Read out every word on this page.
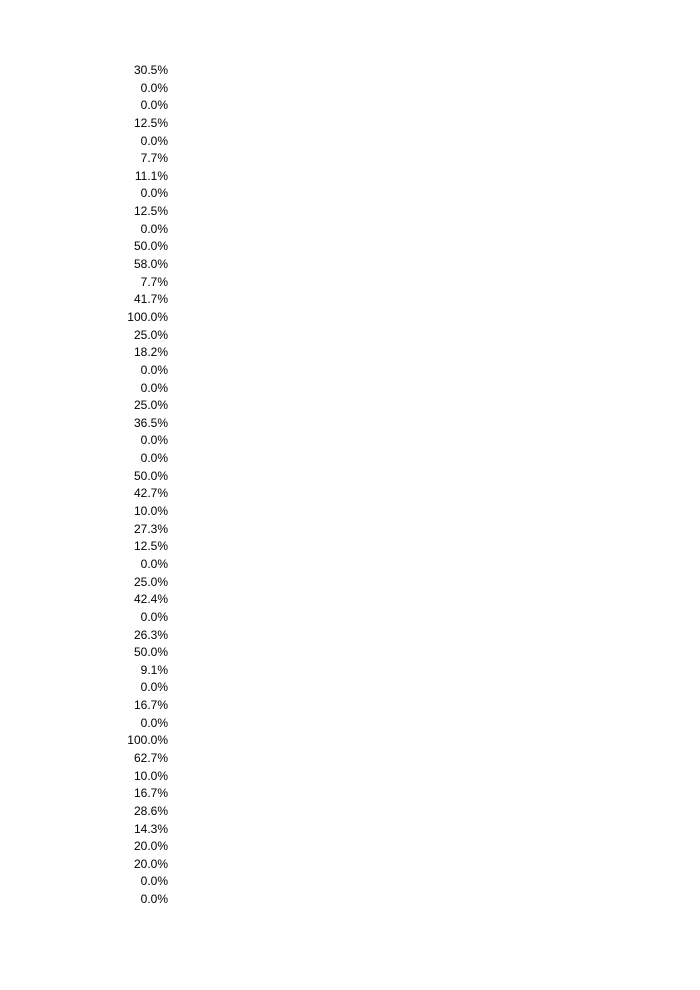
30.5%
0.0%
0.0%
12.5%
0.0%
7.7%
11.1%
0.0%
12.5%
0.0%
50.0%
58.0%
7.7%
41.7%
100.0%
25.0%
18.2%
0.0%
0.0%
25.0%
36.5%
0.0%
0.0%
50.0%
42.7%
10.0%
27.3%
12.5%
0.0%
25.0%
42.4%
0.0%
26.3%
50.0%
9.1%
0.0%
16.7%
0.0%
100.0%
62.7%
10.0%
16.7%
28.6%
14.3%
20.0%
20.0%
0.0%
0.0%
